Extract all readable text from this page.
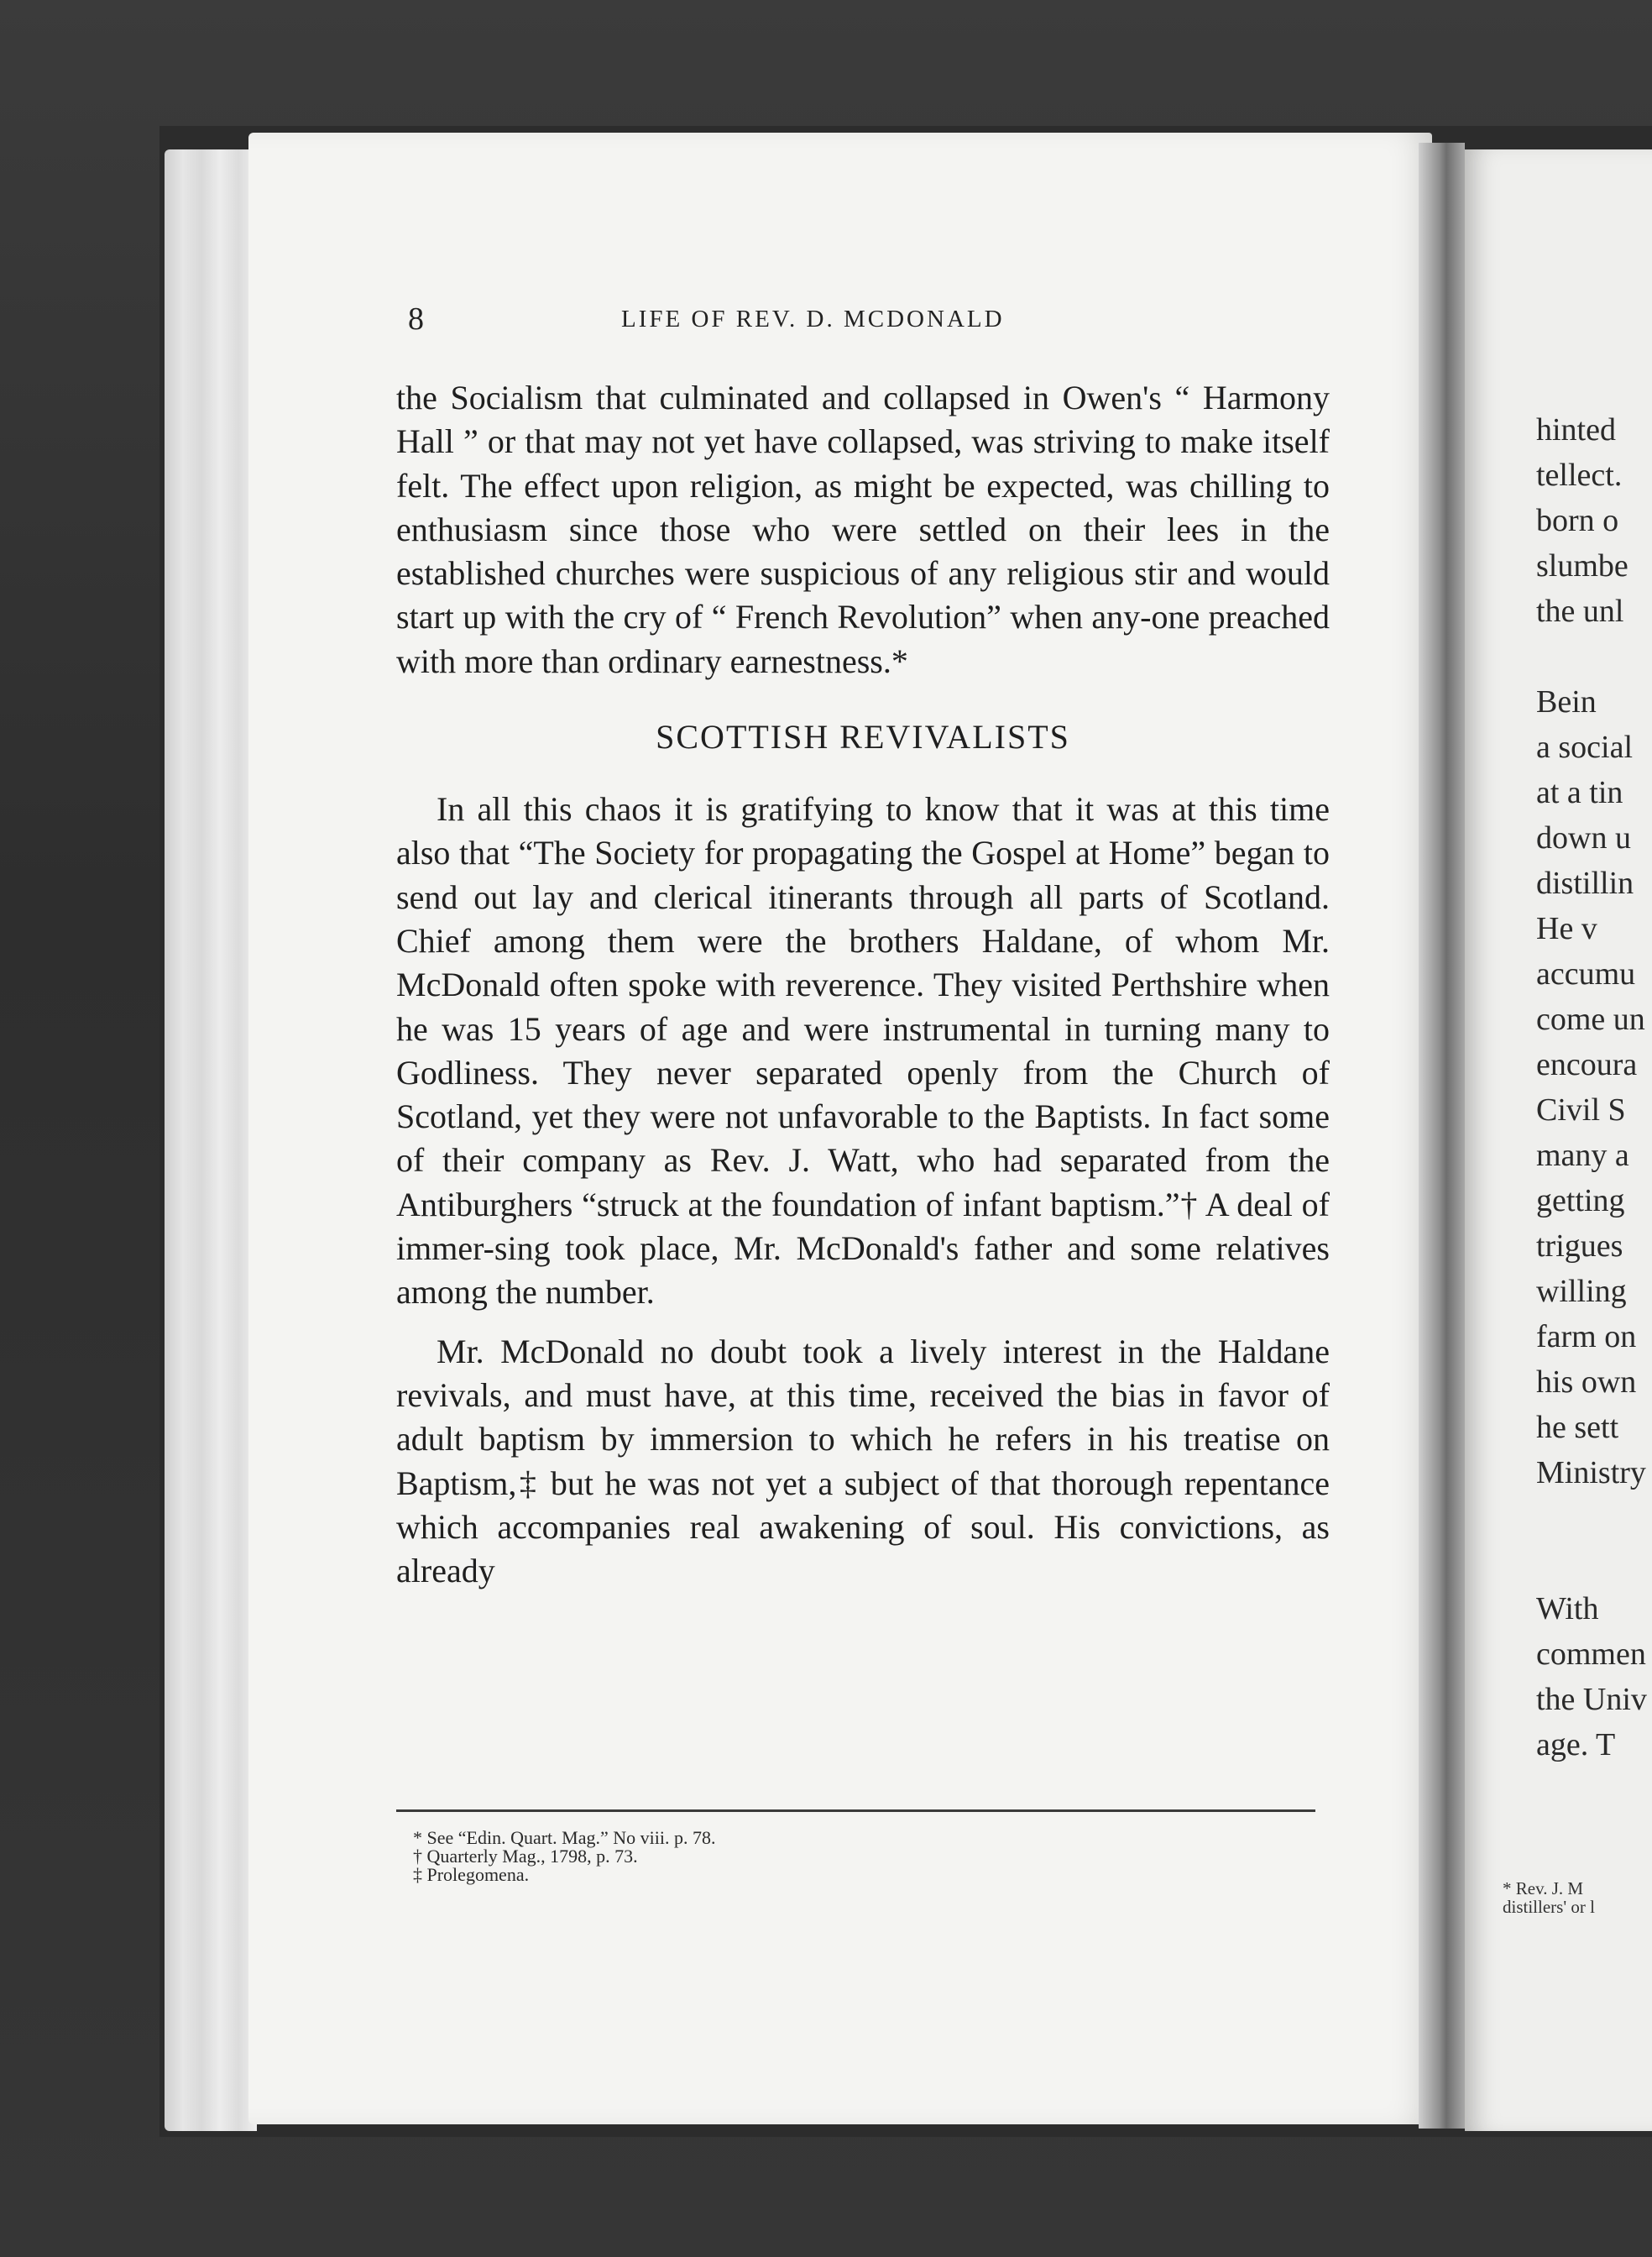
8	LIFE OF REV. D. MCDONALD

the Socialism that culminated and collapsed in Owen's “ Harmony Hall ” or that may not yet have collapsed, was striving to make itself felt. The effect upon religion, as might be expected, was chilling to enthusiasm since those who were settled on their lees in the established churches were suspicious of any religious stir and would start up with the cry of “ French Revolution” when any-one preached with more than ordinary earnestness.*

SCOTTISH REVIVALISTS

In all this chaos it is gratifying to know that it was at this time also that “The Society for propagating the Gospel at Home” began to send out lay and clerical itinerants through all parts of Scotland. Chief among them were the brothers Haldane, of whom Mr. McDonald often spoke with reverence. They visited Perthshire when he was 15 years of age and were instrumental in turning many to Godliness. They never separated openly from the Church of Scotland, yet they were not unfavorable to the Baptists. In fact some of their company as Rev. J. Watt, who had separated from the Antiburghers “struck at the foundation of infant baptism.”† A deal of immer-sing took place, Mr. McDonald's father and some relatives among the number.

Mr. McDonald no doubt took a lively interest in the Haldane revivals, and must have, at this time, received the bias in favor of adult baptism by immersion to which he refers in his treatise on Baptism,‡ but he was not yet a subject of that thorough repentance which accompanies real awakening of soul. His convictions, as already

* See “Edin. Quart. Mag.” No viii. p. 78.
† Quarterly Mag., 1798, p. 73.
‡ Prolegomena.
hinted
tellect.
born o
slumbe
the unl
Bein
a social
at a tin
down u
distillin
He v
accumu
come un
encoura
Civil S
many a
getting
trigues
willing
farm on
his own
he sett
Ministry
With
commen
the Univ
age. T
* Rev. J. M
distillers' or l
